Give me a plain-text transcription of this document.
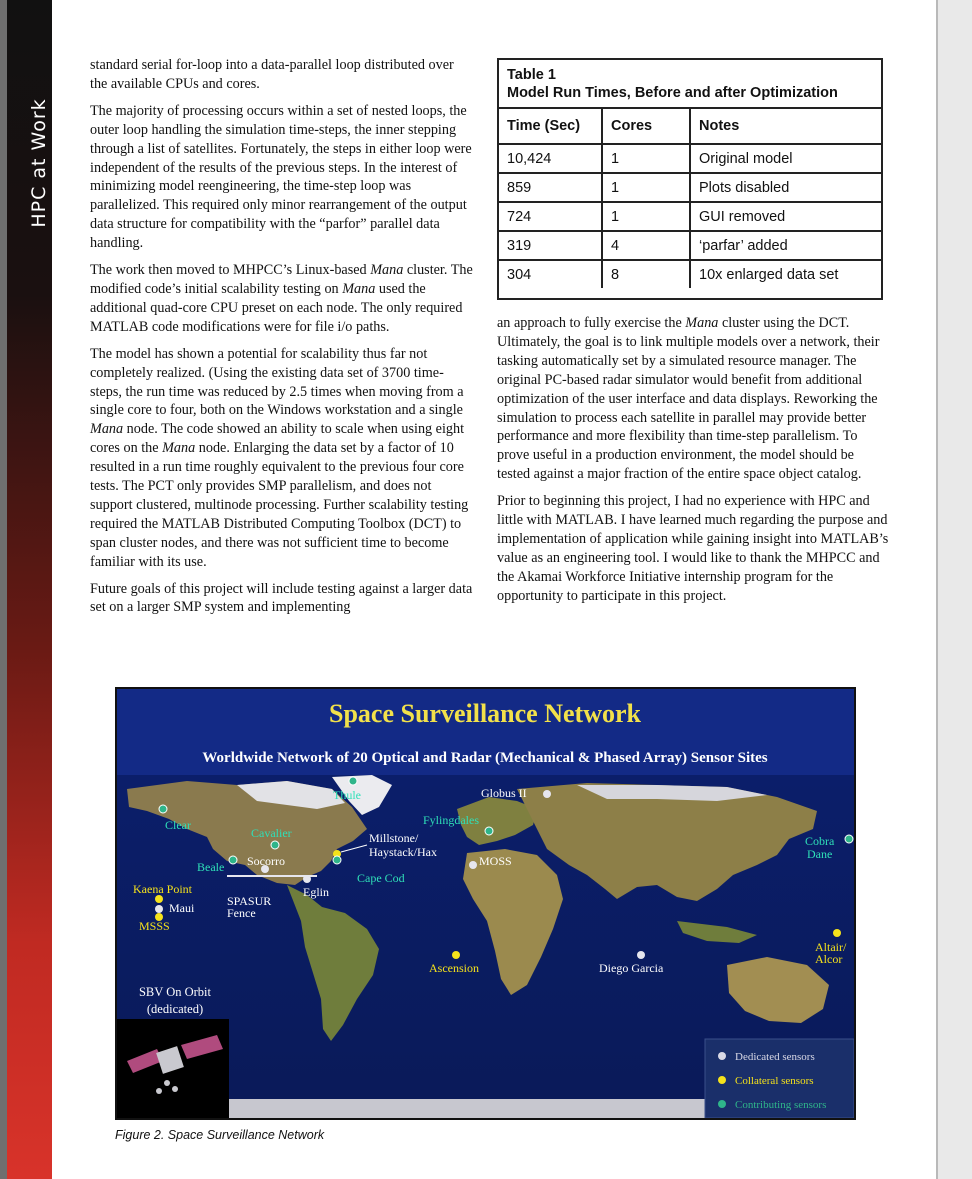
HPC at Work

standard serial for-loop into a data-parallel loop distributed over the available CPUs and cores.

The majority of processing occurs within a set of nested loops, the outer loop handling the simulation time-steps, the inner stepping through a list of satellites. Fortunately, the steps in either loop were independent of the results of the previous steps. In the interest of minimizing model reengineering, the time-step loop was parallelized. This required only minor rearrangement of the output data structure for compatibility with the “parfor” parallel data handling.

The work then moved to MHPCC’s Linux-based Mana cluster. The modified code’s initial scalability testing on Mana used the additional quad-core CPU preset on each node. The only required MATLAB code modifications were for file i/o paths.

The model has shown a potential for scalability thus far not completely realized. (Using the existing data set of 3700 time-steps, the run time was reduced by 2.5 times when moving from a single core to four, both on the Windows workstation and a single Mana node. The code showed an ability to scale when using eight cores on the Mana node. Enlarging the data set by a factor of 10 resulted in a run time roughly equivalent to the previous four core tests. The PCT only provides SMP parallelism, and does not support clustered, multinode processing. Further scalability testing required the MATLAB Distributed Computing Toolbox (DCT) to span cluster nodes, and there was not sufficient time to become familiar with its use.

Future goals of this project will include testing against a larger data set on a larger SMP system and implementing

Table 1
Model Run Times, Before and after Optimization
Time (Sec)	Cores	Notes
10,424	1	Original model
859	1	Plots disabled
724	1	GUI removed
319	4	‘parfar’ added
304	8	10x enlarged data set

an approach to fully exercise the Mana cluster using the DCT. Ultimately, the goal is to link multiple models over a network, their tasking automatically set by a simulated resource manager. The original PC-based radar simulator would benefit from additional optimization of the user interface and data displays. Reworking the simulation to process each satellite in parallel may provide better performance and more flexibility than time-step parallelism. To prove useful in a production environment, the model should be tested against a major fraction of the entire space object catalog.

Prior to beginning this project, I had no experience with HPC and little with MATLAB. I have learned much regarding the purpose and implementation of application while gaining insight into MATLAB’s value as an engineering tool. I would like to thank the MHPCC and the Akamai Workforce Initiative internship program for the opportunity to participate in this project.

Space Surveillance Network
Worldwide Network of 20 Optical and Radar (Mechanical & Phased Array) Sensor Sites
Thule	Globus II
Clear	Fylingdales
Cavalier	Millstone/
Haystack/Hax
Cobra
Dane
Beale Socorro	MOSS
Cape Cod
Kaena Point	Eglin
Maui	SPASUR
Fence
MSSS
Altair/
Alcor
Ascension	Diego Garcia
SBV On Orbit
(dedicated)
Dedicated sensors
Collateral sensors
Contributing sensors
Figure 2. Space Surveillance Network
